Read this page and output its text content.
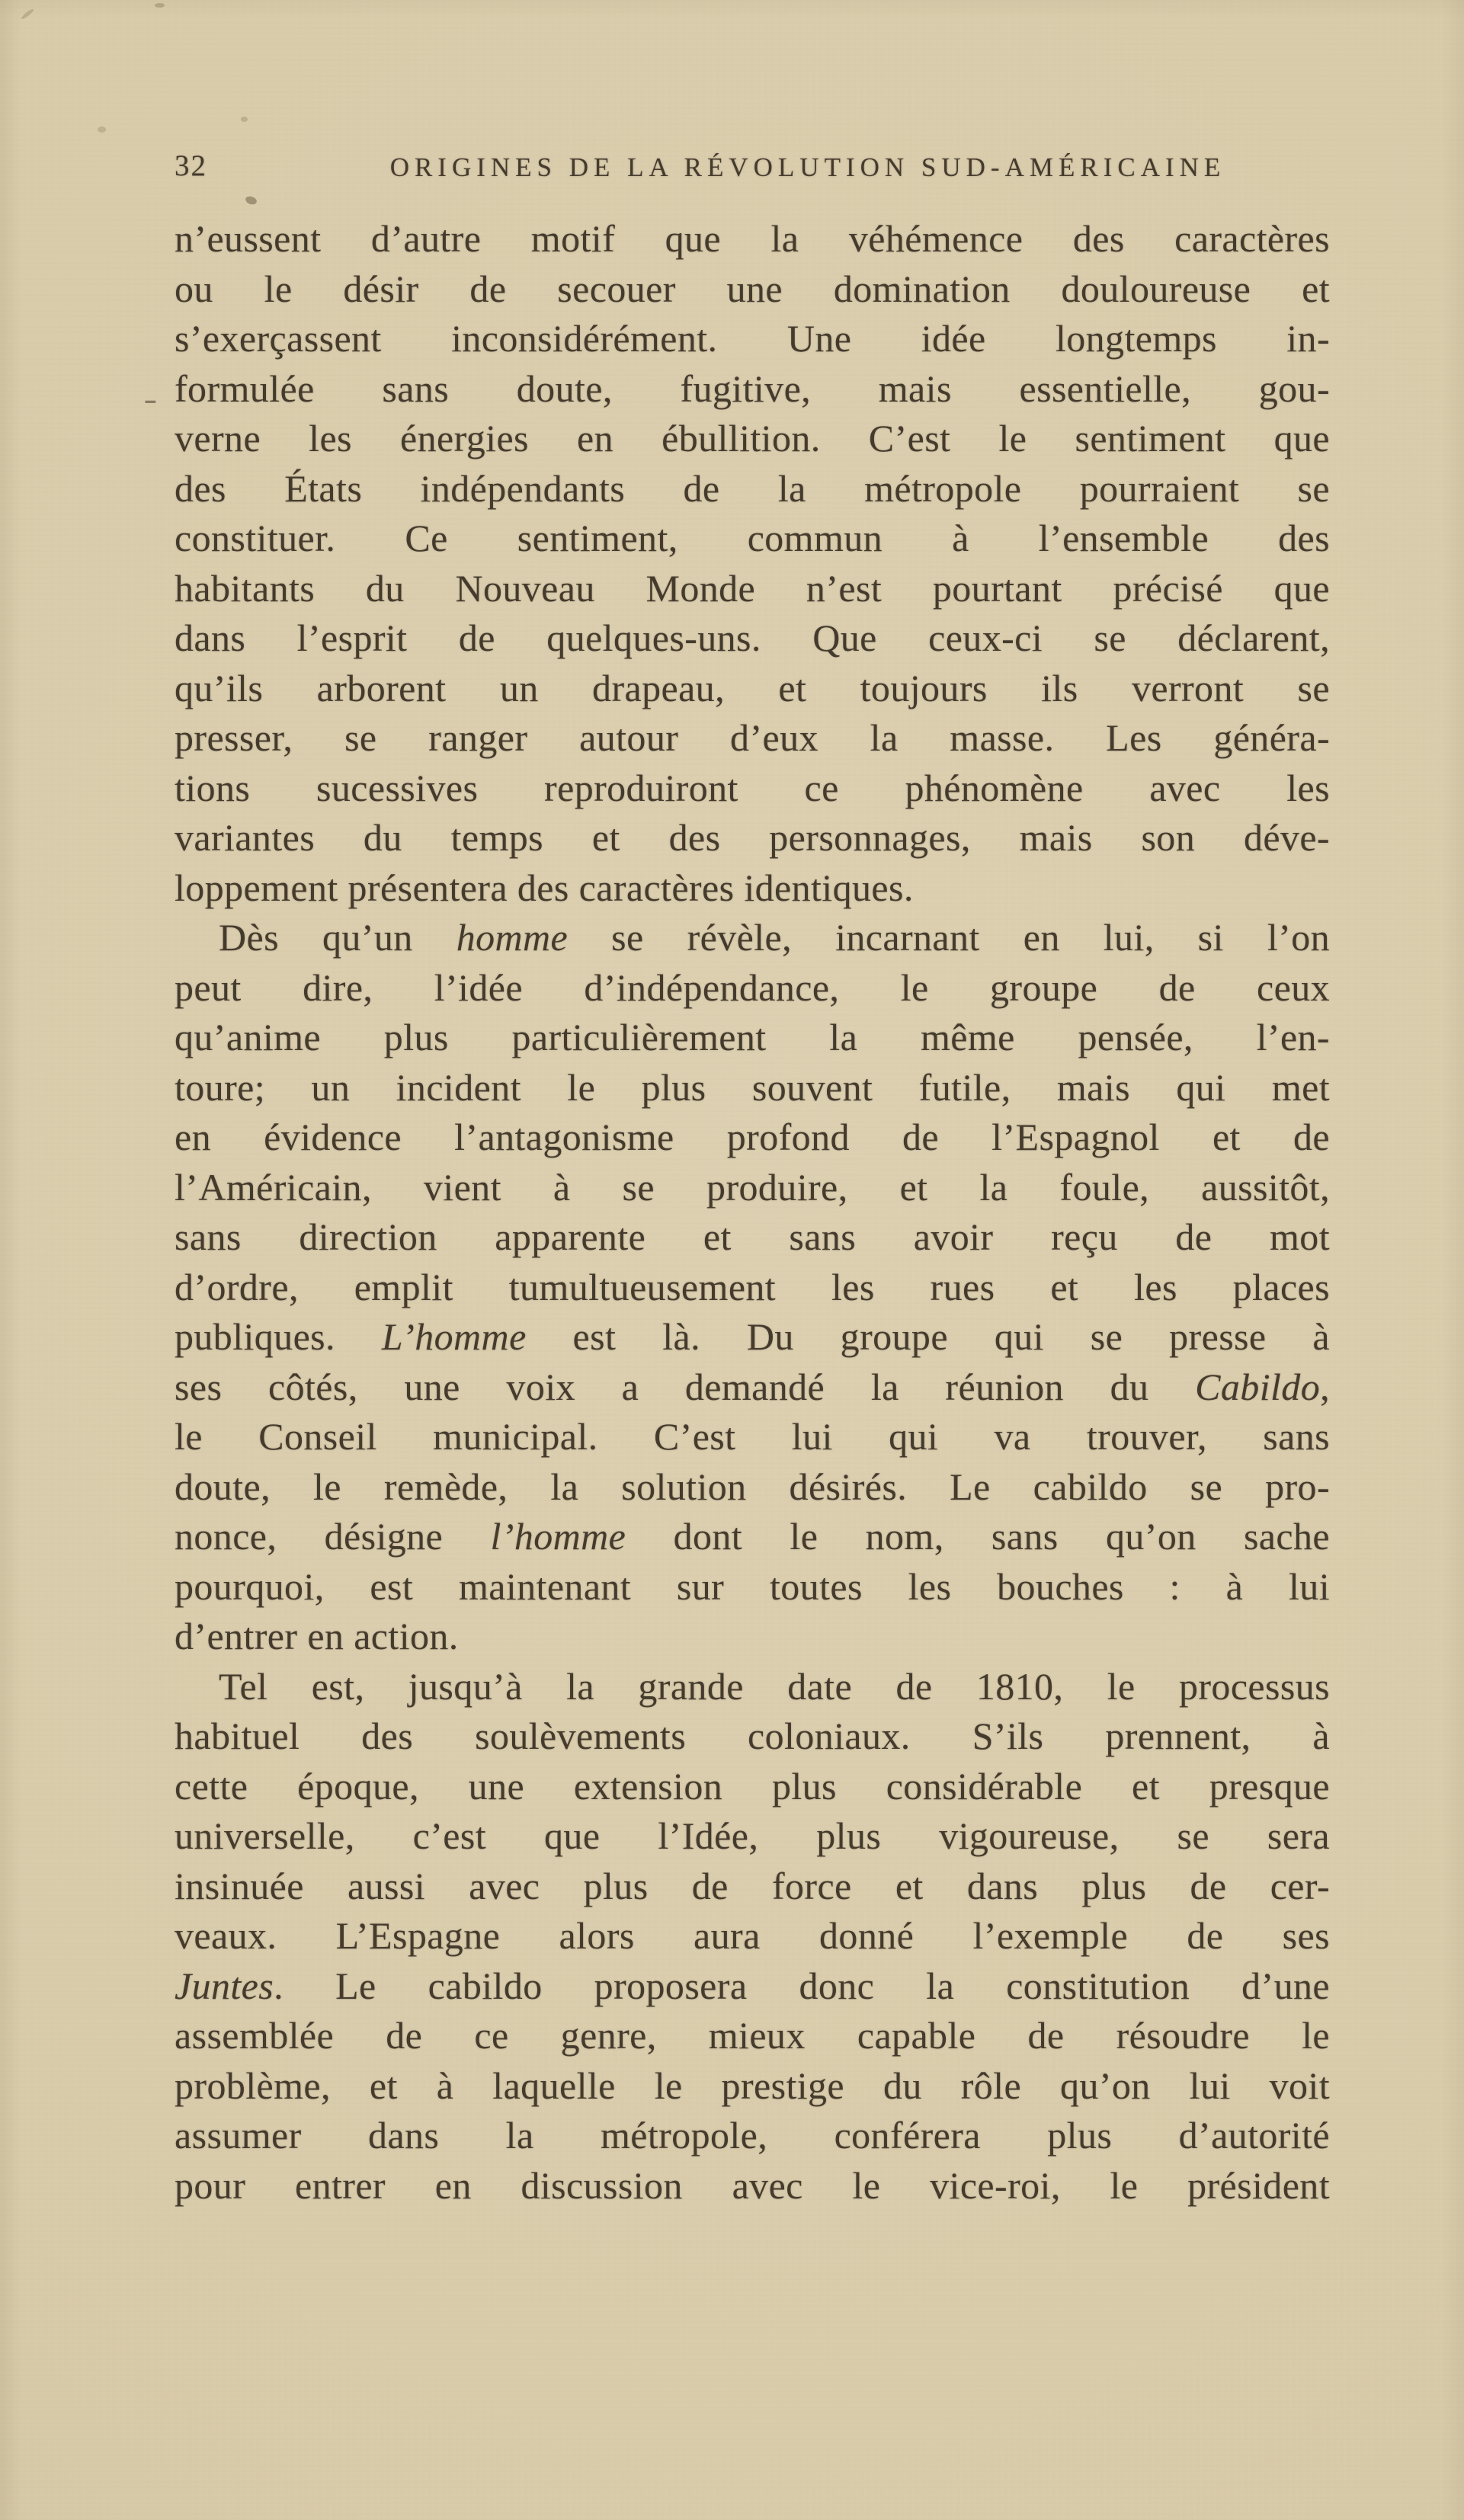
32	ORIGINES DE LA RÉVOLUTION SUD-AMÉRICAINE
-
n’eussent d’autre motif que la véhémence des caractères
ou le désir de secouer une domination douloureuse et
s’exerçassent inconsidérément. Une idée longtemps in-
formulée sans doute, fugitive, mais essentielle, gou-
verne les énergies en ébullition. C’est le sentiment que
des États indépendants de la métropole pourraient se
constituer. Ce sentiment, commun à l’ensemble des
habitants du Nouveau Monde n’est pourtant précisé que
dans l’esprit de quelques-uns. Que ceux-ci se déclarent,
qu’ils arborent un drapeau, et toujours ils verront se
presser, se ranger autour d’eux la masse. Les généra-
tions sucessives reproduiront ce phénomène avec les
variantes du temps et des personnages, mais son déve-
loppement présentera des caractères identiques.
Dès qu’un homme se révèle, incarnant en lui, si l’on
peut dire, l’idée d’indépendance, le groupe de ceux
qu’anime plus particulièrement la même pensée, l’en-
toure; un incident le plus souvent futile, mais qui met
en évidence l’antagonisme profond de l’Espagnol et de
l’Américain, vient à se produire, et la foule, aussitôt,
sans direction apparente et sans avoir reçu de mot
d’ordre, emplit tumultueusement les rues et les places
publiques. L’homme est là. Du groupe qui se presse à
ses côtés, une voix a demandé la réunion du Cabildo,
le Conseil municipal. C’est lui qui va trouver, sans
doute, le remède, la solution désirés. Le cabildo se pro-
nonce, désigne l’homme dont le nom, sans qu’on sache
pourquoi, est maintenant sur toutes les bouches : à lui
d’entrer en action.
Tel est, jusqu’à la grande date de 1810, le processus
habituel des soulèvements coloniaux. S’ils prennent, à
cette époque, une extension plus considérable et presque
universelle, c’est que l’Idée, plus vigoureuse, se sera
insinuée aussi avec plus de force et dans plus de cer-
veaux. L’Espagne alors aura donné l’exemple de ses
Juntes. Le cabildo proposera donc la constitution d’une
assemblée de ce genre, mieux capable de résoudre le
problème, et à laquelle le prestige du rôle qu’on lui voit
assumer dans la métropole, conférera plus d’autorité
pour entrer en discussion avec le vice-roi, le président
